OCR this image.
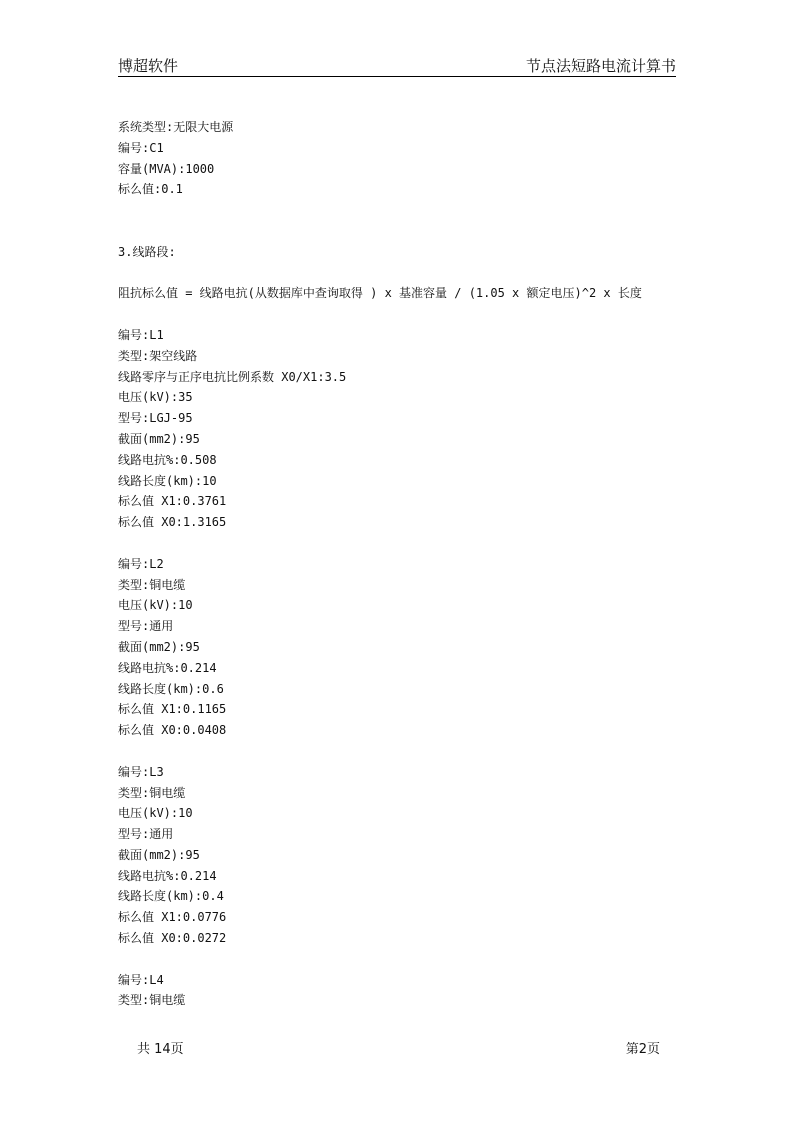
博超软件	节点法短路电流计算书
系统类型:无限大电源
编号:C1
容量(MVA):1000
标么值:0.1
3.线路段:
阻抗标么值 = 线路电抗(从数据库中查询取得 ) x 基准容量 / (1.05 x 额定电压)^2 x 长度
编号:L1
类型:架空线路
线路零序与正序电抗比例系数 X0/X1:3.5
电压(kV):35
型号:LGJ-95
截面(mm2):95
线路电抗%:0.508
线路长度(km):10
标么值 X1:0.3761
标么值 X0:1.3165
编号:L2
类型:铜电缆
电压(kV):10
型号:通用
截面(mm2):95
线路电抗%:0.214
线路长度(km):0.6
标么值 X1:0.1165
标么值 X0:0.0408
编号:L3
类型:铜电缆
电压(kV):10
型号:通用
截面(mm2):95
线路电抗%:0.214
线路长度(km):0.4
标么值 X1:0.0776
标么值 X0:0.0272
编号:L4
类型:铜电缆
共 14页	第2页
